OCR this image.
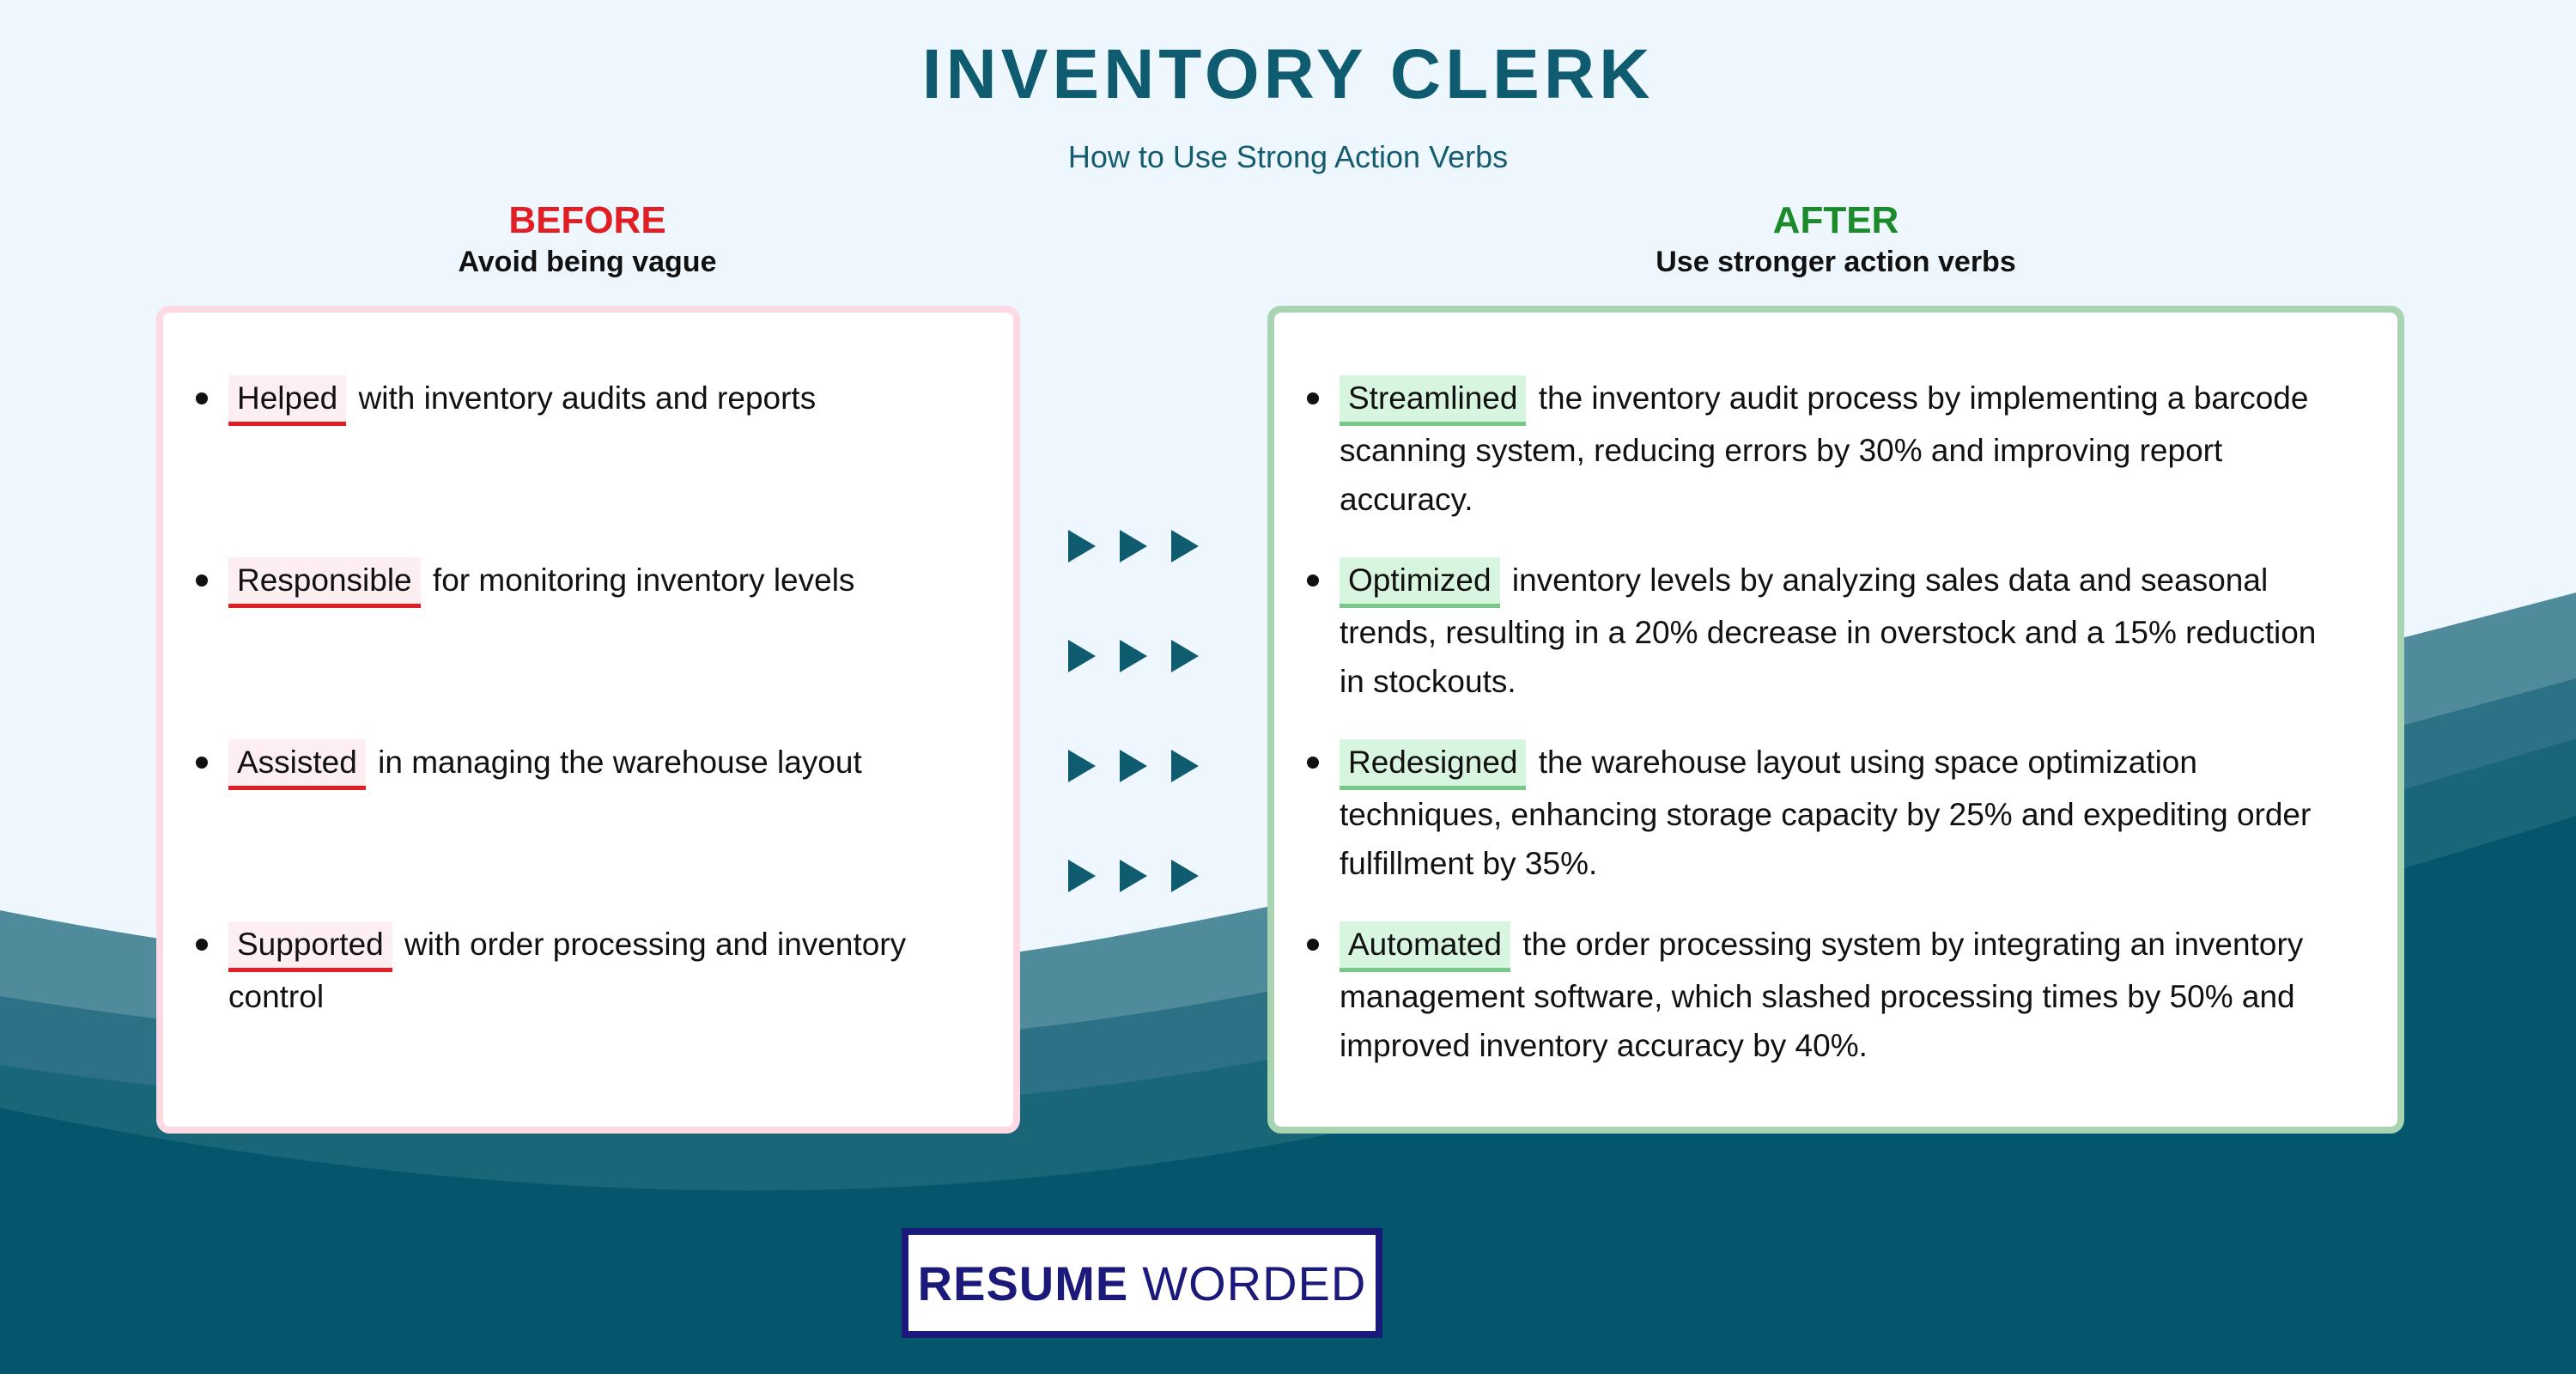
INVENTORY CLERK
How to Use Strong Action Verbs
BEFORE
Avoid being vague
AFTER
Use stronger action verbs
Helped with inventory audits and reports
Responsible for monitoring inventory levels
Assisted in managing the warehouse layout
Supported with order processing and inventory control
Streamlined the inventory audit process by implementing a barcode scanning system, reducing errors by 30% and improving report accuracy.
Optimized inventory levels by analyzing sales data and seasonal trends, resulting in a 20% decrease in overstock and a 15% reduction in stockouts.
Redesigned the warehouse layout using space optimization techniques, enhancing storage capacity by 25% and expediting order fulfillment by 35%.
Automated the order processing system by integrating an inventory management software, which slashed processing times by 50% and improved inventory accuracy by 40%.
RESUME WORDED
